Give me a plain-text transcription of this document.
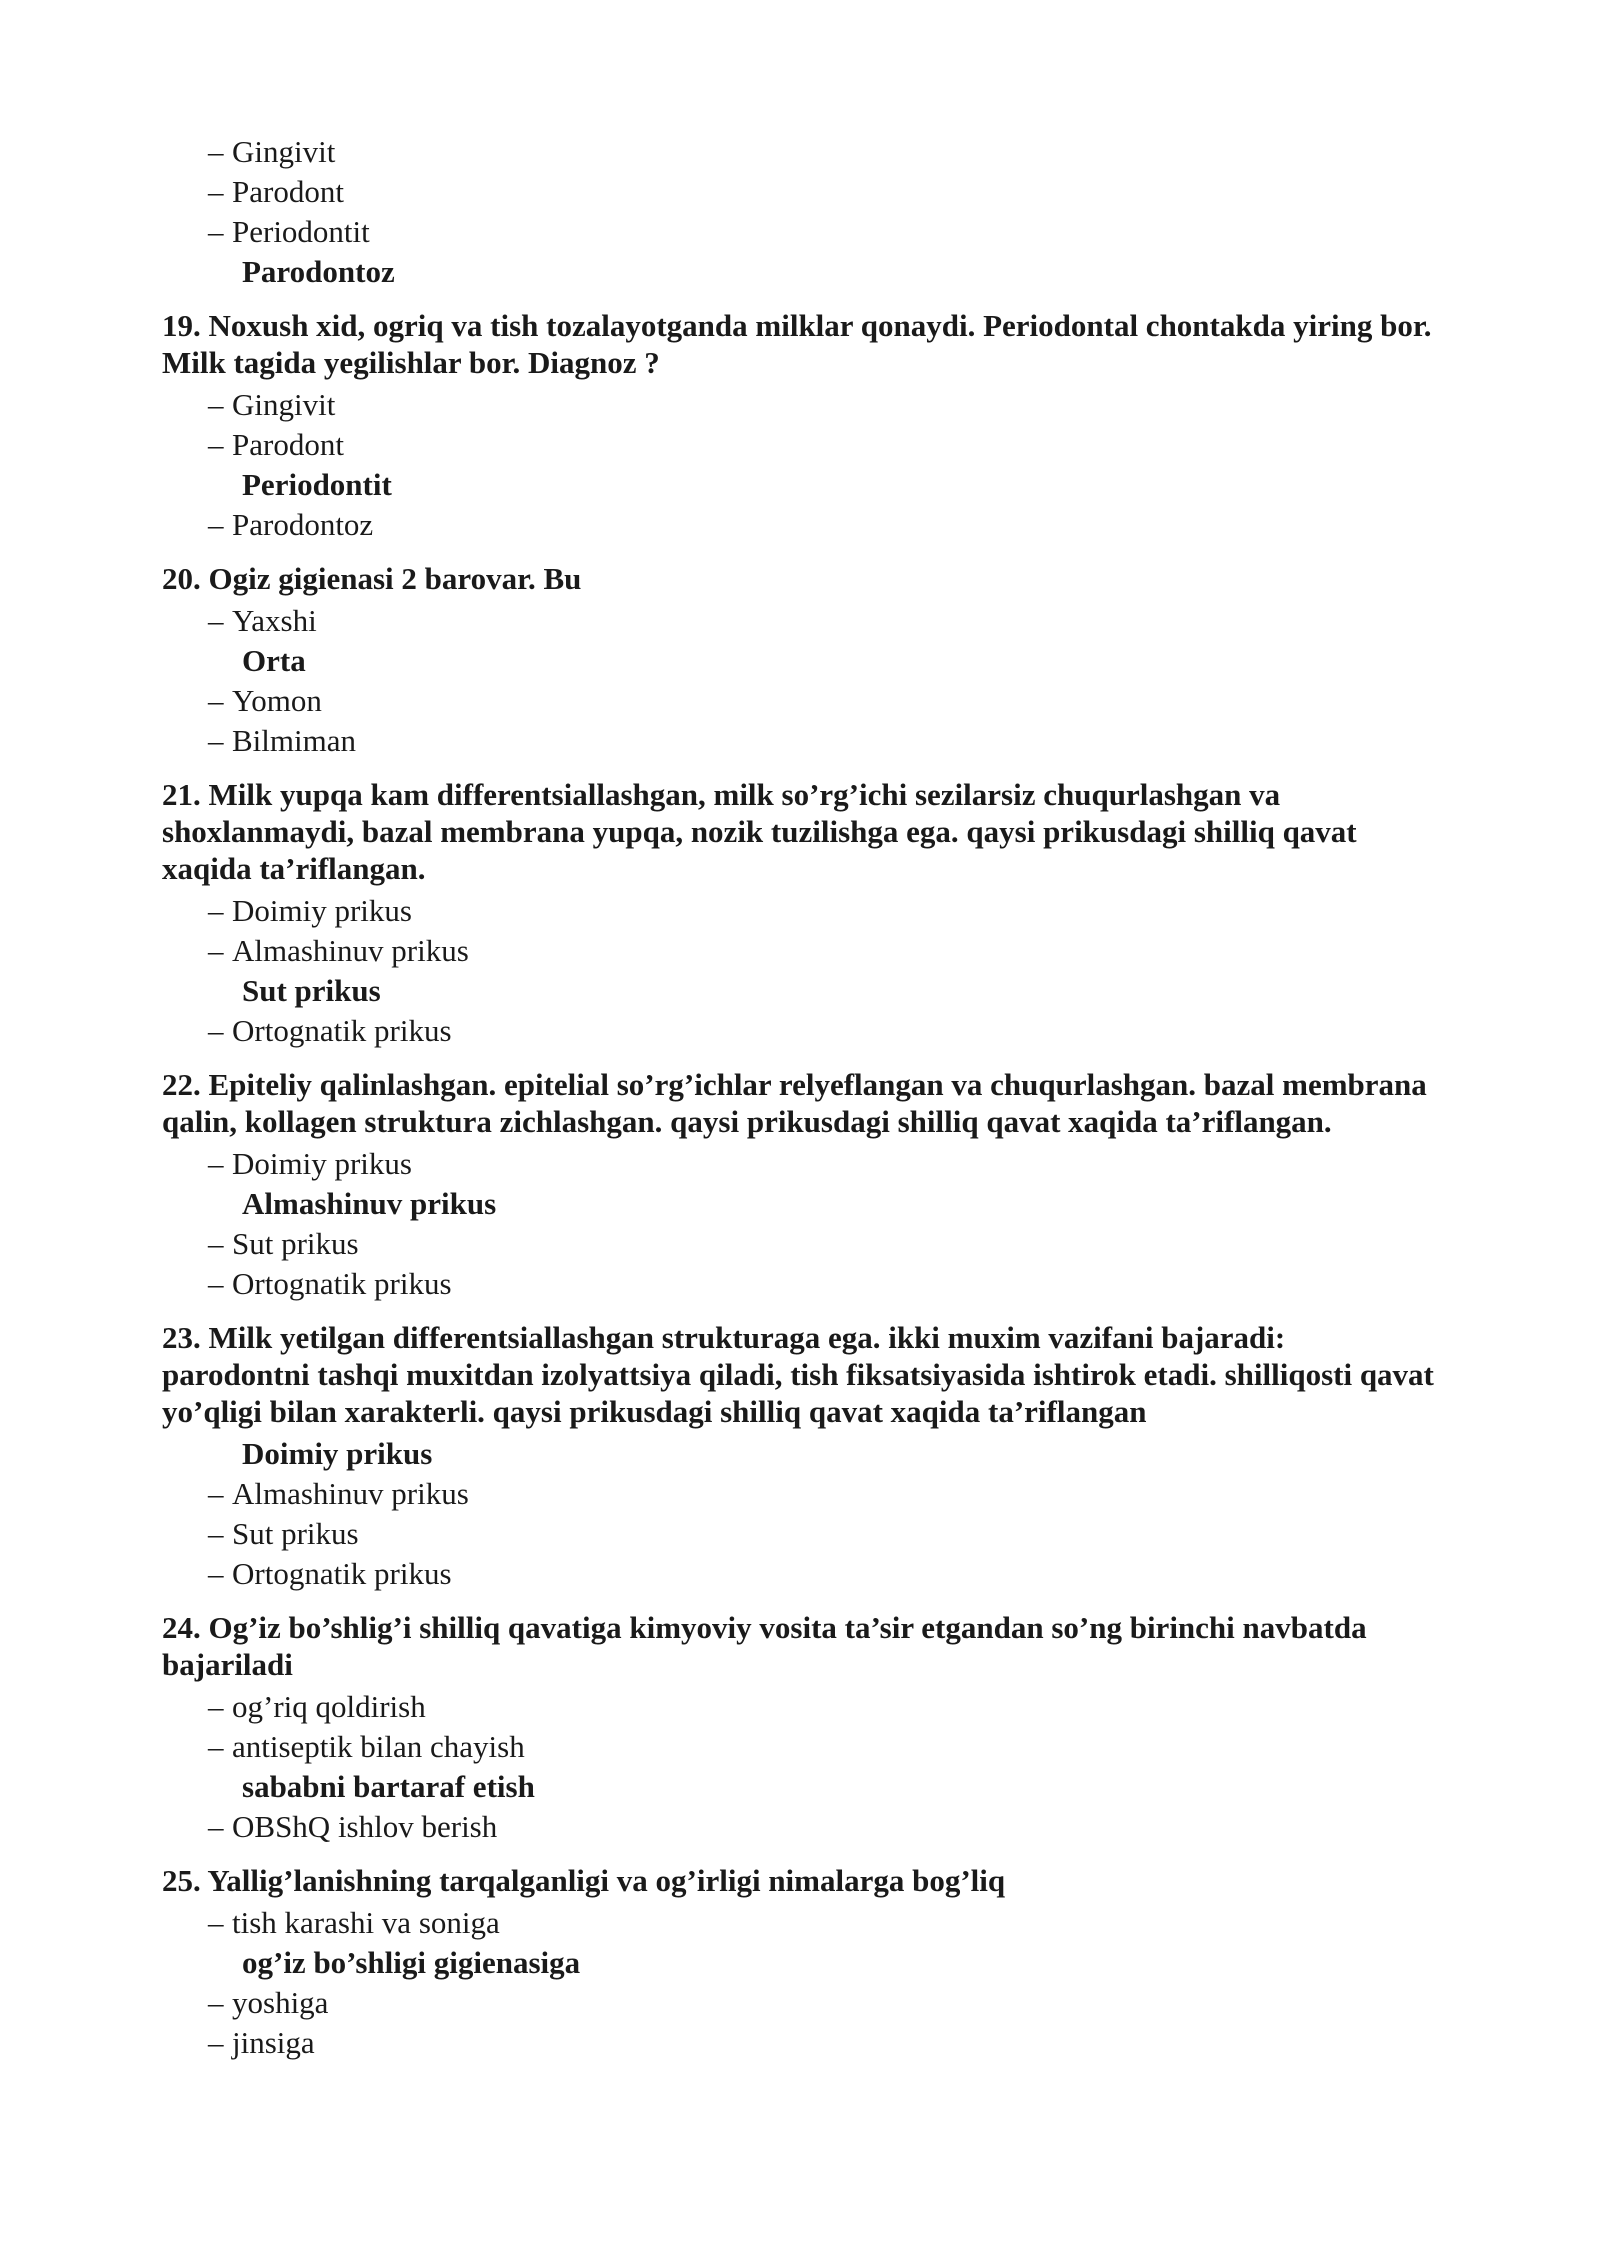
– Gingivit
– Parodont
– Periodontit
Parodontoz
19. Noxush xid, ogriq va tish tozalayotganda milklar qonaydi. Periodontal chontakda yiring bor. Milk tagida yegilishlar bor. Diagnoz ?
– Gingivit
– Parodont
Periodontit
– Parodontoz
20. Ogiz gigienasi 2 barovar. Bu
– Yaxshi
Orta
– Yomon
– Bilmiman
21. Milk yupqa kam differentsiallashgan, milk so’rg’ichi sezilarsiz chuqurlashgan va shoxlanmaydi, bazal membrana yupqa, nozik tuzilishga ega. qaysi prikusdagi shilliq qavat xaqida ta’riflangan.
– Doimiy prikus
– Almashinuv prikus
Sut prikus
– Ortognatik prikus
22. Epiteliy qalinlashgan. epitelial so’rg’ichlar relyeflangan va chuqurlashgan. bazal membrana qalin, kollagen struktura zichlashgan. qaysi prikusdagi shilliq qavat xaqida ta’riflangan.
– Doimiy prikus
Almashinuv prikus
– Sut prikus
– Ortognatik prikus
23. Milk yetilgan differentsiallashgan strukturaga ega. ikki muxim vazifani bajaradi: parodontni tashqi muxitdan izolyattsiya qiladi, tish fiksatsiyasida ishtirok etadi. shilliqosti qavat yo’qligi bilan xarakterli. qaysi prikusdagi shilliq qavat xaqida ta’riflangan
Doimiy prikus
– Almashinuv prikus
– Sut prikus
– Ortognatik prikus
24. Og’iz bo’shlig’i shilliq qavatiga kimyoviy vosita ta’sir etgandan so’ng birinchi navbatda bajariladi
– og’riq qoldirish
– antiseptik bilan chayish
sababni bartaraf etish
– OBShQ ishlov berish
25. Yallig’lanishning tarqalganligi va og’irligi nimalarga bog’liq
– tish karashi va soniga
og’iz bo’shligi gigienasiga
– yoshiga
– jinsiga
